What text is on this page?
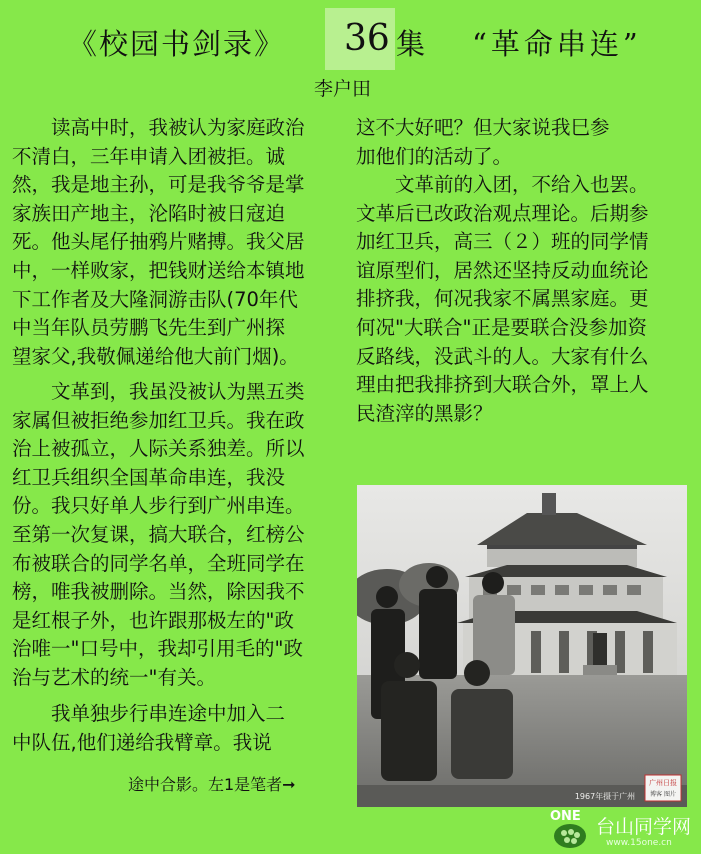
《校园书剑录》 36 集 “革命串连”
李户田
　　读高中时，我被认为家庭政治
不清白，三年申请入团被拒。诚
然，我是地主孙，可是我爷爷是掌
家族田产地主，沦陷时被日寇迫
死。他头尾仔抽鸦片赌搏。我父居
中，一样败家，把钱财送给本镇地
下工作者及大隆洞游击队(70年代
中当年队员劳鹏飞先生到广州探
望家父,我敬佩递给他大前门烟)。
　　文革到，我虽没被认为黑五类
家属但被拒绝参加红卫兵。我在政
治上被孤立，人际关系独差。所以
红卫兵组织全国革命串连，我没
份。我只好单人步行到广州串连。
至第一次复课，搞大联合，红榜公
布被联合的同学名单，全班同学在
榜，唯我被删除。当然，除因我不
是红根子外，也许跟那极左的"政
治唯一"口号中，我却引用毛的"政
治与艺术的统一"有关。
　　我单独步行串连途中加入二
中队伍,他们递给我臂章。我说
这不大好吧？但大家说我巳参
加他们的活动了。
　　文革前的入团，不给入也罢。
文革后已改政治观点理论。后期参
加红卫兵，高三（２）班的同学情
谊原型们，居然还坚持反动血统论
排挤我，何况我家不属黑家庭。更
何况"大联合"正是要联合没参加资
反路线，没武斗的人。大家有什么
理由把我排挤到大联合外，罩上人
民渣滓的黑影？
广州日报
博客 图片
1967年摄于广州
途中合影。左1是笔者➞
ONE 台山同学网
www.15one.cn
